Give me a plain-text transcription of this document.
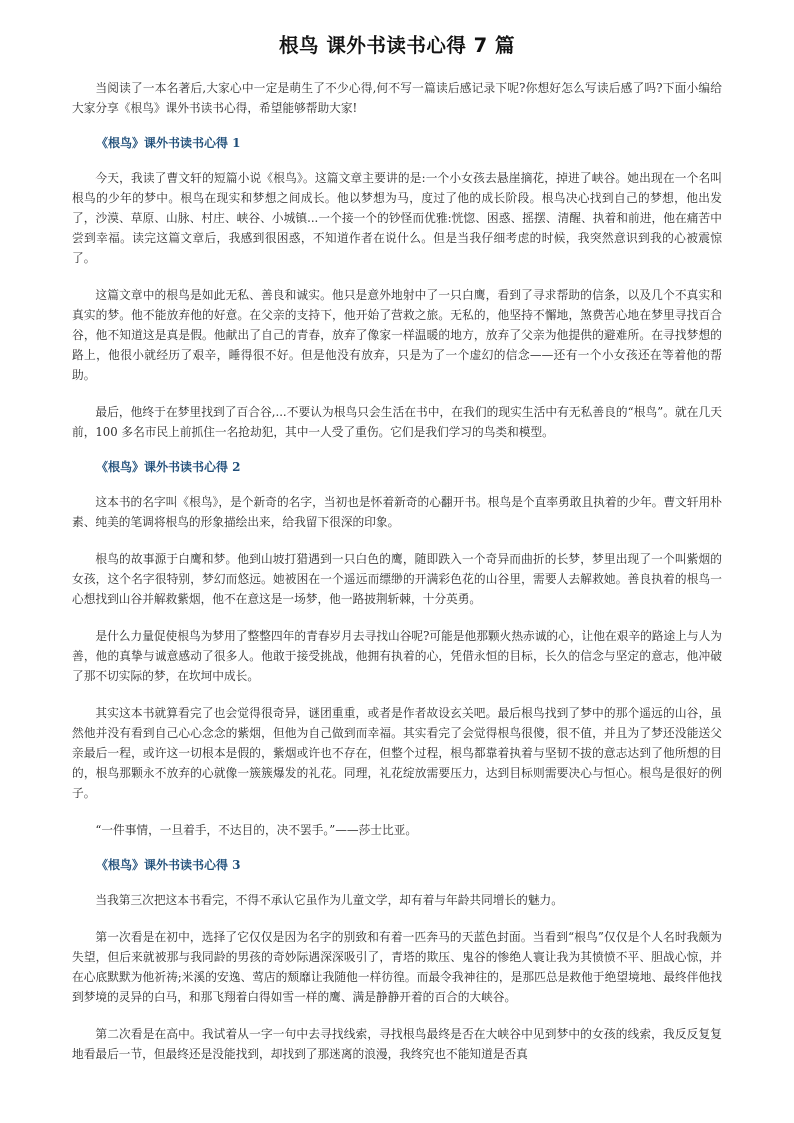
根鸟 课外书读书心得 7 篇

当阅读了一本名著后,大家心中一定是萌生了不少心得,何不写一篇读后感记录下呢?你想好怎么写读后感了吗?下面小编给大家分享《根鸟》课外书读书心得，希望能够帮助大家!

《根鸟》课外书读书心得 1

今天，我读了曹文轩的短篇小说《根鸟》。这篇文章主要讲的是:一个小女孩去悬崖摘花，掉进了峡谷。她出现在一个名叫根鸟的少年的梦中。根鸟在现实和梦想之间成长。他以梦想为马，度过了他的成长阶段。根鸟决心找到自己的梦想，他出发了，沙漠、草原、山脉、村庄、峡谷、小城镇...一个接一个的钞怪而优雅:恍惚、困惑、摇摆、清醒、执着和前进，他在痛苦中尝到幸福。读完这篇文章后，我感到很困惑，不知道作者在说什么。但是当我仔细考虑的时候，我突然意识到我的心被震惊了。

这篇文章中的根鸟是如此无私、善良和诚实。他只是意外地射中了一只白鹰，看到了寻求帮助的信条，以及几个不真实和真实的梦。他不能放弃他的好意。在父亲的支持下，他开始了营救之旅。无私的，他坚持不懈地，煞费苦心地在梦里寻找百合谷，他不知道这是真是假。他献出了自己的青春，放弃了像家一样温暖的地方，放弃了父亲为他提供的避难所。在寻找梦想的路上，他很小就经历了艰辛，睡得很不好。但是他没有放弃，只是为了一个虚幻的信念——还有一个小女孩还在等着他的帮助。

最后，他终于在梦里找到了百合谷,...不要认为根鸟只会生活在书中，在我们的现实生活中有无私善良的“根鸟”。就在几天前，100 多名市民上前抓住一名抢劫犯，其中一人受了重伤。它们是我们学习的鸟类和模型。

《根鸟》课外书读书心得 2

这本书的名字叫《根鸟》，是个新奇的名字，当初也是怀着新奇的心翻开书。根鸟是个直率勇敢且执着的少年。曹文轩用朴素、纯美的笔调将根鸟的形象描绘出来，给我留下很深的印象。

根鸟的故事源于白鹰和梦。他到山坡打猎遇到一只白色的鹰，随即跌入一个奇异而曲折的长梦，梦里出现了一个叫紫烟的女孩，这个名字很特别，梦幻而悠远。她被困在一个遥远而缥缈的开满彩色花的山谷里，需要人去解救她。善良执着的根鸟一心想找到山谷并解救紫烟，他不在意这是一场梦，他一路披荆斩棘，十分英勇。

是什么力量促使根鸟为梦用了整整四年的青春岁月去寻找山谷呢?可能是他那颗火热赤诚的心，让他在艰辛的路途上与人为善，他的真挚与诚意感动了很多人。他敢于接受挑战，他拥有执着的心，凭借永恒的目标，长久的信念与坚定的意志，他冲破了那不切实际的梦，在坎坷中成长。

其实这本书就算看完了也会觉得很奇异，谜团重重，或者是作者故设玄关吧。最后根鸟找到了梦中的那个遥远的山谷，虽然他并没有看到自己心心念念的紫烟，但他为自己做到而幸福。其实看完了会觉得根鸟很傻，很不值，并且为了梦还没能送父亲最后一程，或许这一切根本是假的，紫烟或许也不存在，但整个过程，根鸟都靠着执着与坚韧不拔的意志达到了他所想的目的，根鸟那颗永不放弃的心就像一簇簇爆发的礼花。同理，礼花绽放需要压力，达到目标则需要决心与恒心。根鸟是很好的例子。

“一件事情，一旦着手，不达目的，决不罢手。”——莎士比亚。

《根鸟》课外书读书心得 3

当我第三次把这本书看完，不得不承认它虽作为儿童文学，却有着与年龄共同增长的魅力。

第一次看是在初中，选择了它仅仅是因为名字的别致和有着一匹奔马的天蓝色封面。当看到“根鸟”仅仅是个人名时我颇为失望，但后来就被那与我同龄的男孩的奇妙际遇深深吸引了，青塔的欺压、鬼谷的惨绝人寰让我为其愤愤不平、胆战心惊，并在心底默默为他祈祷;米溪的安逸、莺店的颓靡让我随他一样彷徨。而最令我神往的，是那匹总是救他于绝望境地、最终伴他找到梦境的灵异的白马，和那飞翔着白得如雪一样的鹰、满是静静开着的百合的大峡谷。

第二次看是在高中。我试着从一字一句中去寻找线索，寻找根鸟最终是否在大峡谷中见到梦中的女孩的线索，我反反复复地看最后一节，但最终还是没能找到，却找到了那迷离的浪漫，我终究也不能知道是否真
